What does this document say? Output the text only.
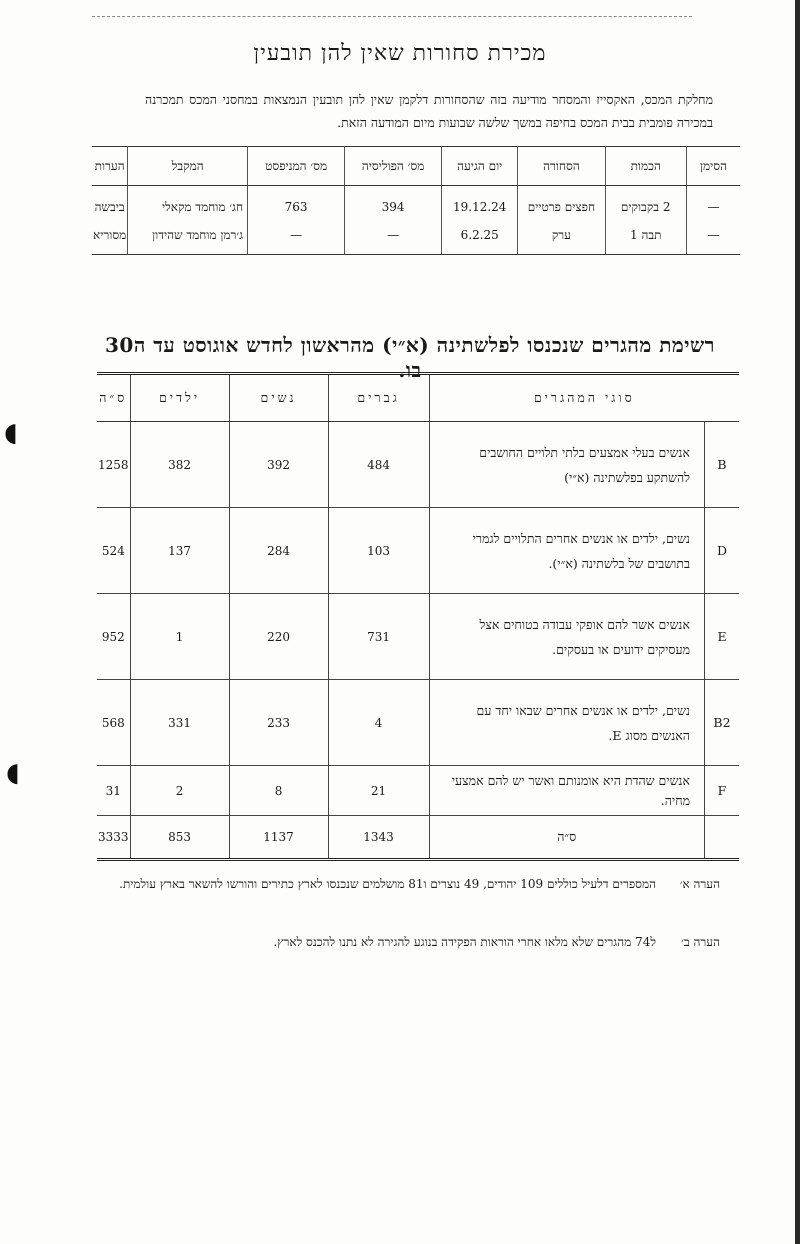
◖
◖
מכירת סחורות שאין להן תובעין
מחלקת המכס, האקסייז והמסחר מודיעה בזה שהסחורות דלקמן שאין להן תובעין הנמצאות במחסני המכס תמכרנה במכירה פומבית בבית המכס בחיפה במשך שלשה שבועות מיום המודעה הזאת.
הסימן	הכמות	הסחורה	יום הגיעה	מס׳ הפוליסיה	מס׳ המניפסט	המקבל	הערות
—	2 בקבוקים	חפצים פרטיים	19.12.24	394	763	חג׳ מוחמד מקאלי	ביבשה
—	תבה 1	ערק	6.2.25	—	—	ג׳רמן מוחמד שהידון	מסוריא
רשימת מהגרים שנכנסו לפלשתינה (א״י) מהראשון לחדש אוגוסט עד ה30 בו.
סוגי המהגרים		גברים	נשים	ילדים	ס״ה
B	אנשים בעלי אמצעים בלתי תלויים החושבים להשתקע בפלשתינה (א״י)	484	392	382	1258
D	נשים, ילדים או אנשים אחרים התלויים לגמרי בתושבים של בלשתינה (א״י).	103	284	137	524
E	אנשים אשר להם אופקי עבודה בטוחים אצל מעסיקים ידועים או בעסקים.	731	220	1	952
B2	נשים, ילדים או אנשים אחרים שבאו יחד עם האנשים מסוג E.	4	233	331	568
F	אנשים שהדת היא אומנותם ואשר יש להם אמצעי מחיה.	21	8	2	31
	ס״ה	1343	1137	853	3333
הערה א׳המספרים דלעיל כוללים 109 יהודים, 49 נוצרים ו81 מושלמים שנכנסו לארץ כתירים והורשו להשאר בארץ עולמית.
הערה ב׳ל74 מהגרים שלא מלאו אחרי הוראות הפקידה בנוגע להגירה לא נתנו להכנס לארץ.
